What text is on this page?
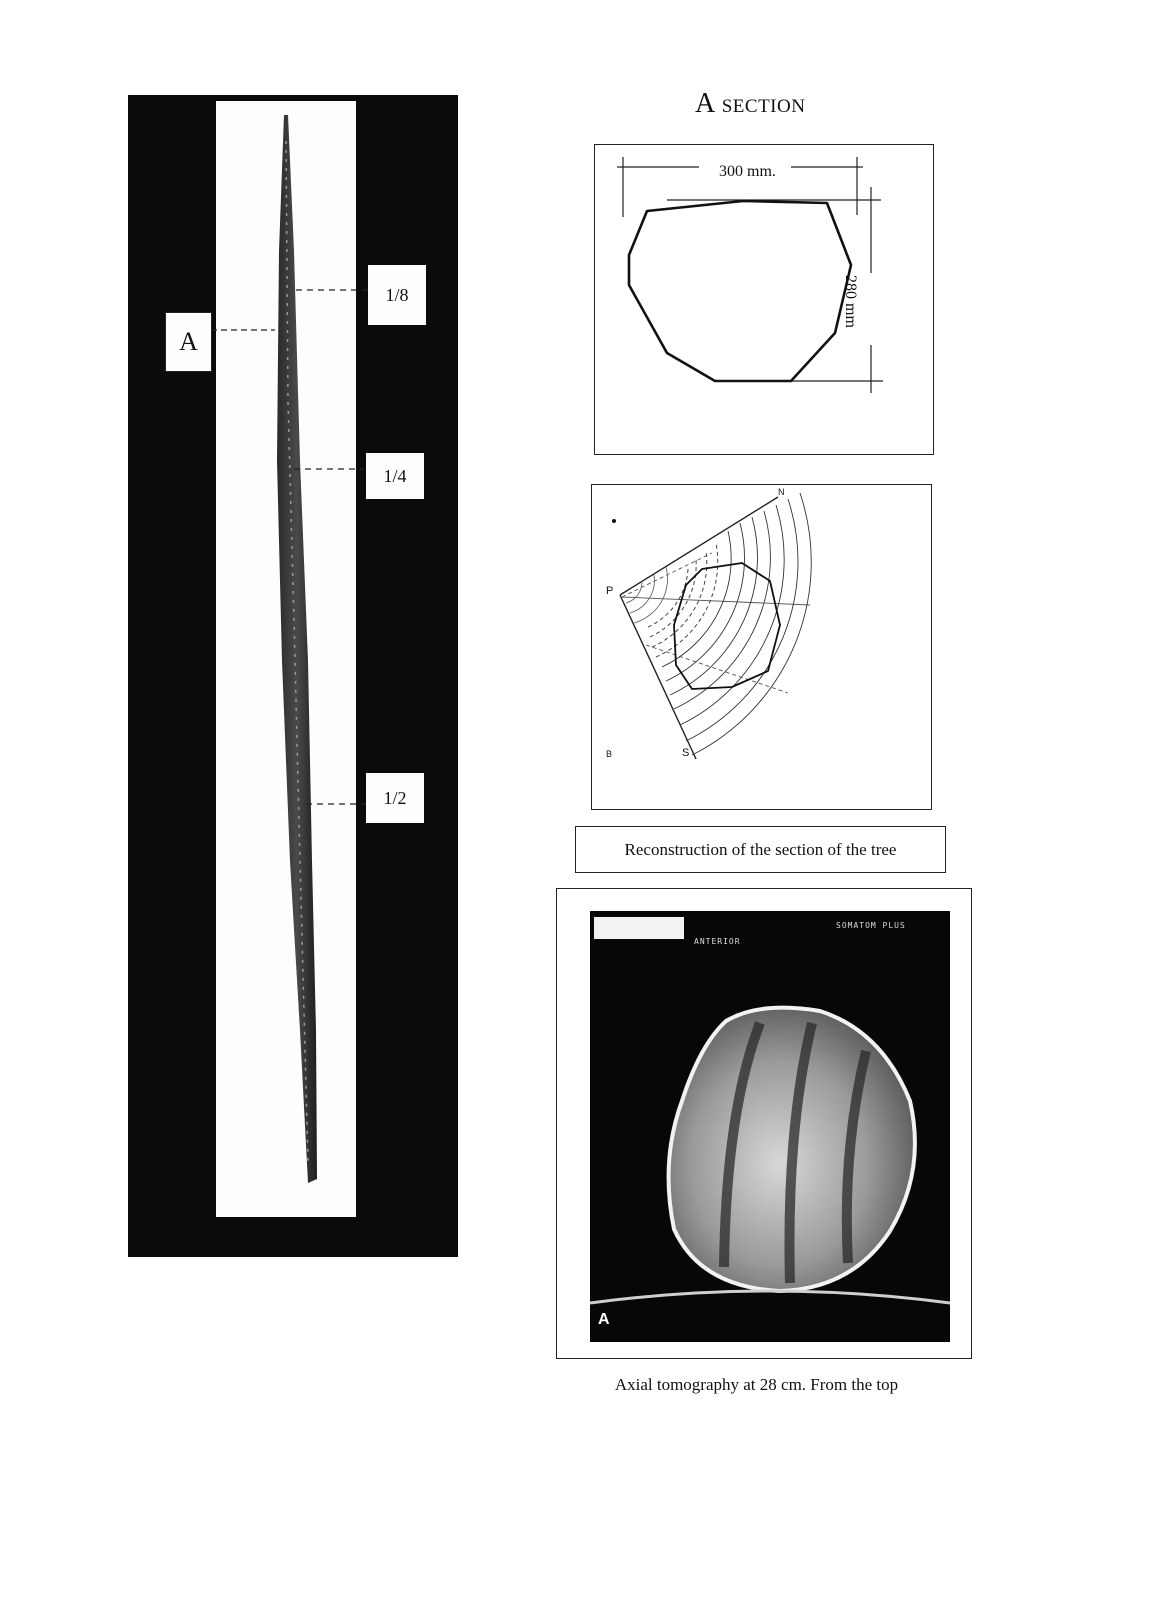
1/8
1/4
1/2
A
A SECTION
300 mm.
280 mm
P
S
B
N
Reconstruction of the section of the tree
ANTERIOR
SOMATOM PLUS
A
Axial tomography at 28 cm. From the top
